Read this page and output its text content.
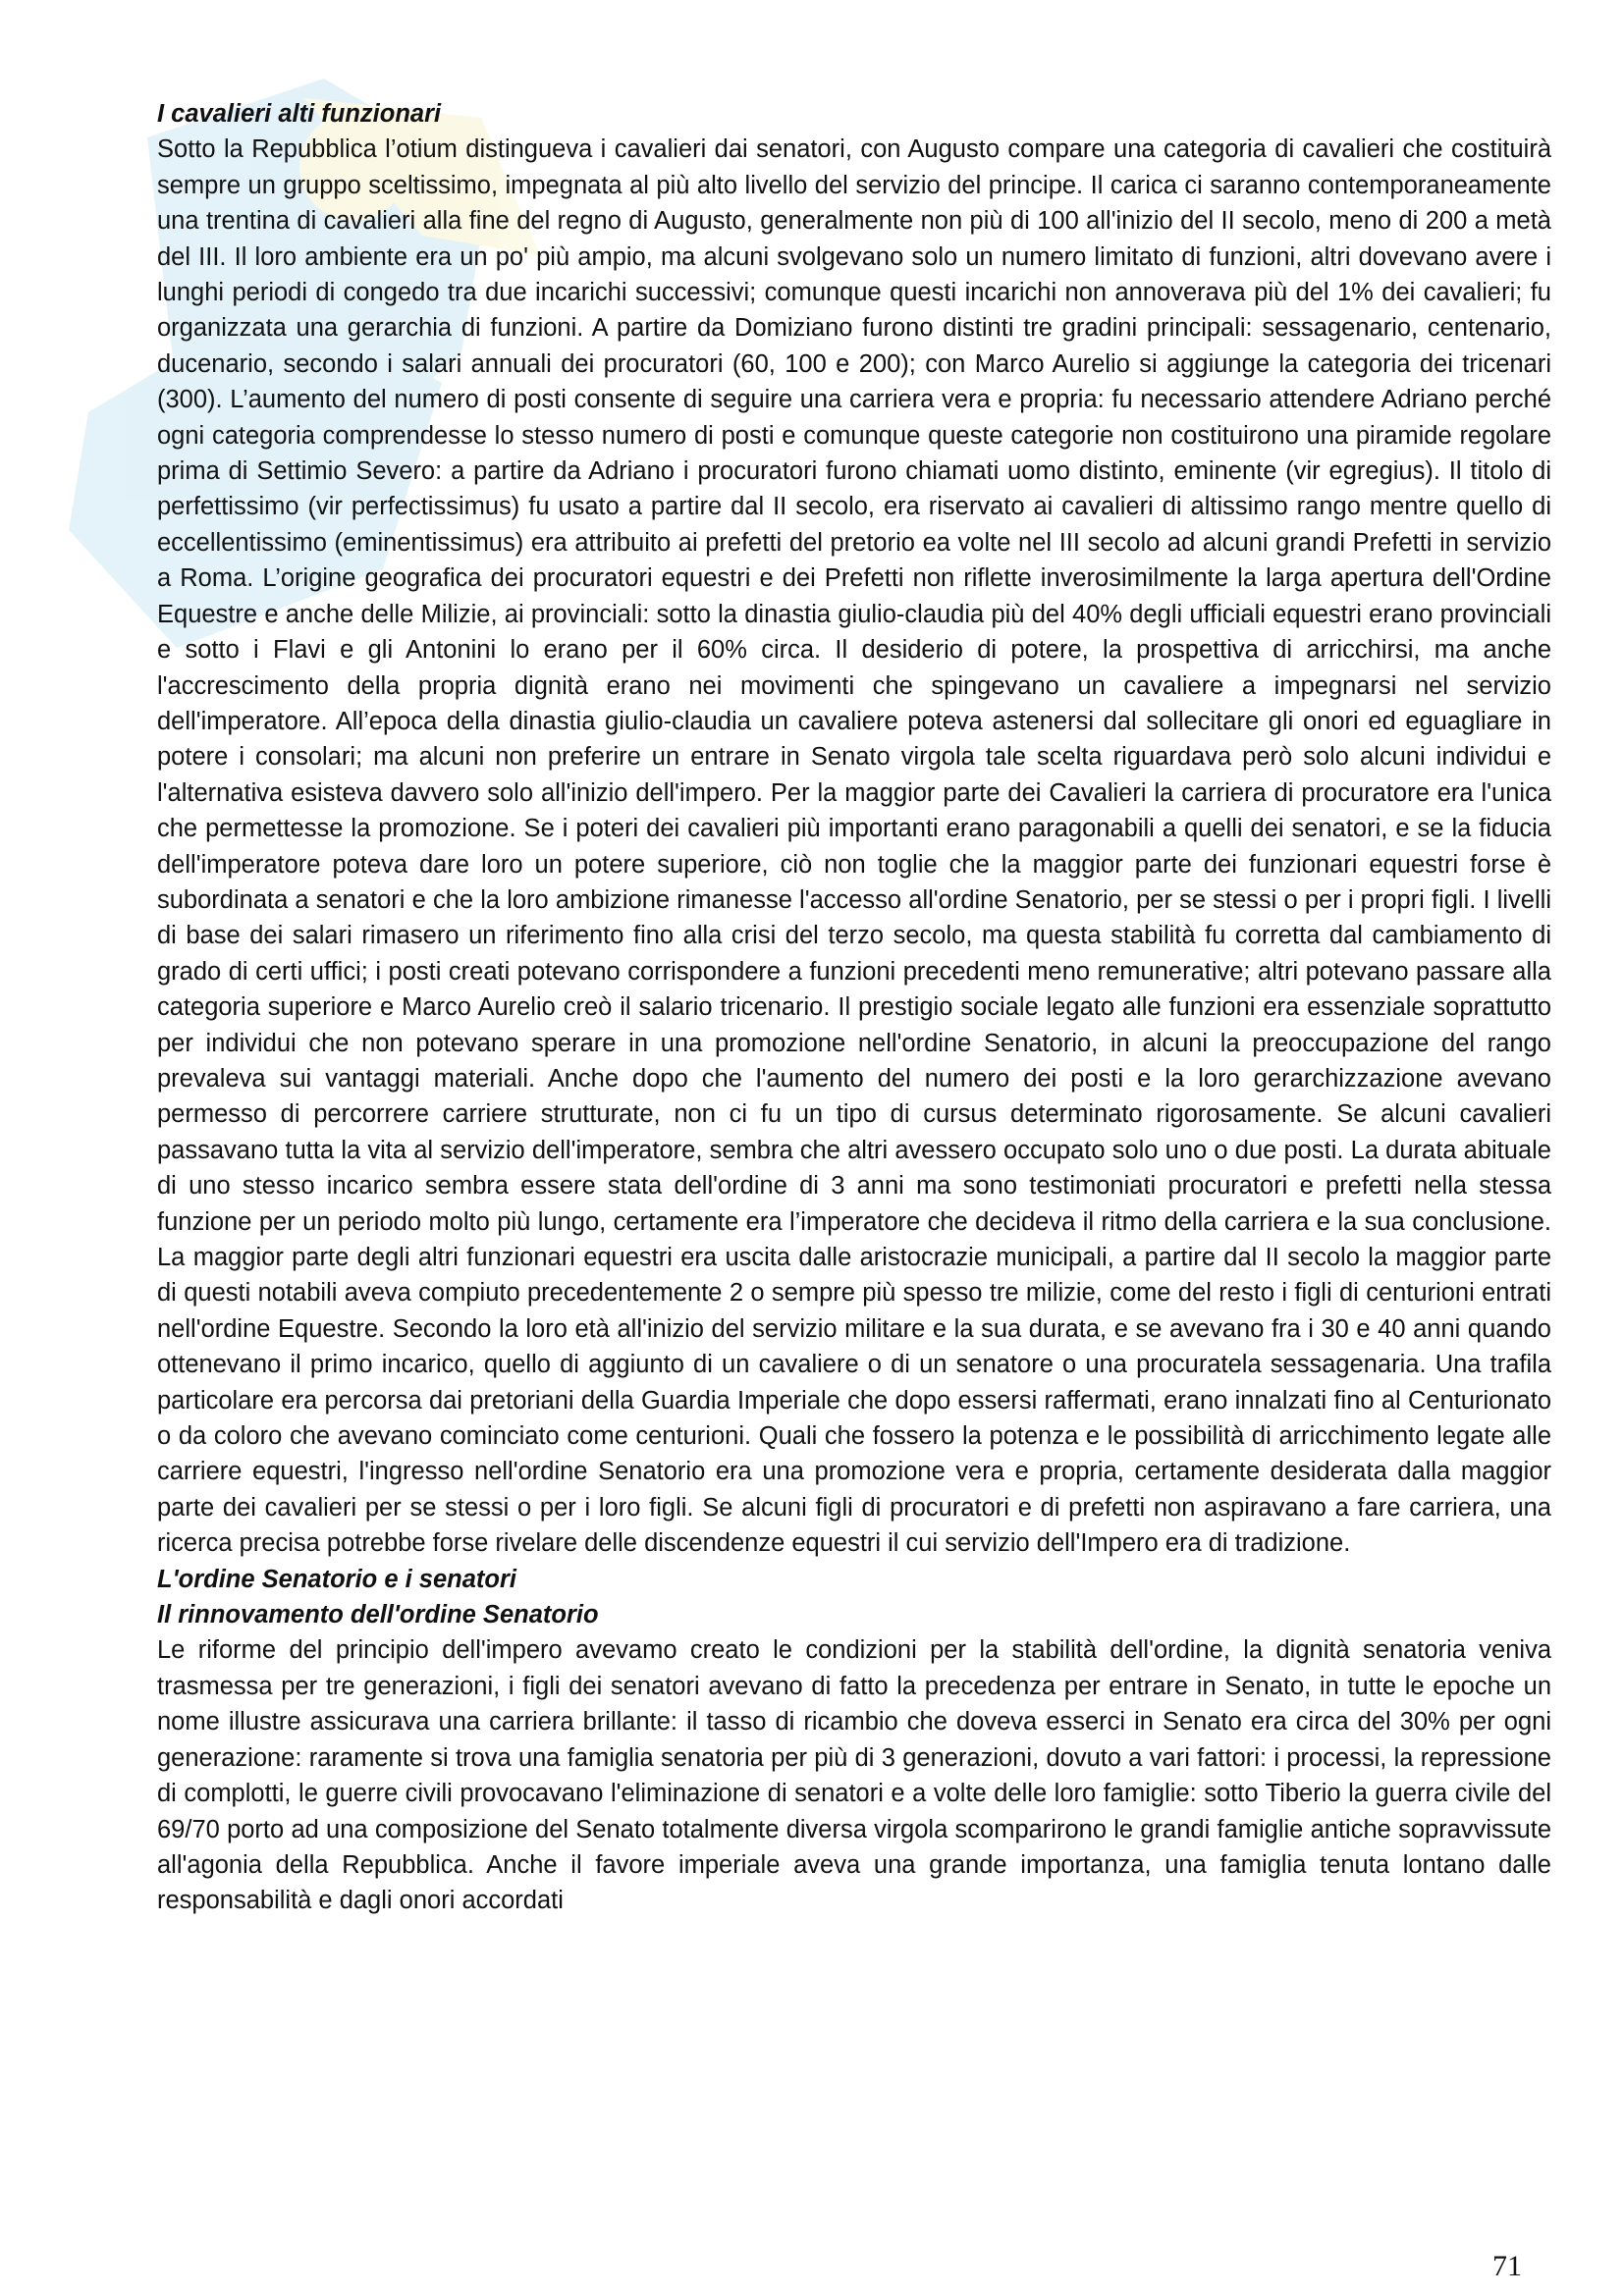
I cavalieri alti funzionari

Sotto la Repubblica l’otium distingueva i cavalieri dai senatori, con Augusto compare una categoria di cavalieri che costituirà sempre un gruppo sceltissimo, impegnata al più alto livello del servizio del principe. Il carica ci saranno contemporaneamente una trentina di cavalieri alla fine del regno di Augusto, generalmente non più di 100 all'inizio del II secolo, meno di 200 a metà del III. Il loro ambiente era un po' più ampio, ma alcuni svolgevano solo un numero limitato di funzioni, altri dovevano avere i lunghi periodi di congedo tra due incarichi successivi; comunque questi incarichi non annoverava più del 1% dei cavalieri; fu organizzata una gerarchia di funzioni. A partire da Domiziano furono distinti tre gradini principali: sessagenario, centenario, ducenario, secondo i salari annuali dei procuratori (60, 100 e 200); con Marco Aurelio si aggiunge la categoria dei tricenari (300). L’aumento del numero di posti consente di seguire una carriera vera e propria: fu necessario attendere Adriano perché ogni categoria comprendesse lo stesso numero di posti e comunque queste categorie non costituirono una piramide regolare prima di Settimio Severo: a partire da Adriano i procuratori furono chiamati uomo distinto, eminente (vir egregius). Il titolo di perfettissimo (vir perfectissimus) fu usato a partire dal II secolo, era riservato ai cavalieri di altissimo rango mentre quello di eccellentissimo (eminentissimus) era attribuito ai prefetti del pretorio ea volte nel III secolo ad alcuni grandi Prefetti in servizio a Roma. L’origine geografica dei procuratori equestri e dei Prefetti non riflette inverosimilmente la larga apertura dell'Ordine Equestre e anche delle Milizie, ai provinciali: sotto la dinastia giulio-claudia più del 40% degli ufficiali equestri erano provinciali e sotto i Flavi e gli Antonini lo erano per il 60% circa. Il desiderio di potere, la prospettiva di arricchirsi, ma anche l'accrescimento della propria dignità erano nei movimenti che spingevano un cavaliere a impegnarsi nel servizio dell'imperatore. All’epoca della dinastia giulio-claudia un cavaliere poteva astenersi dal sollecitare gli onori ed eguagliare in potere i consolari; ma alcuni non preferire un entrare in Senato virgola tale scelta riguardava però solo alcuni individui e l'alternativa esisteva davvero solo all'inizio dell'impero. Per la maggior parte dei Cavalieri la carriera di procuratore era l'unica che permettesse la promozione. Se i poteri dei cavalieri più importanti erano paragonabili a quelli dei senatori, e se la fiducia dell'imperatore poteva dare loro un potere superiore, ciò non toglie che la maggior parte dei funzionari equestri forse è subordinata a senatori e che la loro ambizione rimanesse l'accesso all'ordine Senatorio, per se stessi o per i propri figli. I livelli di base dei salari rimasero un riferimento fino alla crisi del terzo secolo, ma questa stabilità fu corretta dal cambiamento di grado di certi uffici; i posti creati potevano corrispondere a funzioni precedenti meno remunerative; altri potevano passare alla categoria superiore e Marco Aurelio creò il salario tricenario. Il prestigio sociale legato alle funzioni era essenziale soprattutto per individui che non potevano sperare in una promozione nell'ordine Senatorio, in alcuni la preoccupazione del rango prevaleva sui vantaggi materiali. Anche dopo che l'aumento del numero dei posti e la loro gerarchizzazione avevano permesso di percorrere carriere strutturate, non ci fu un tipo di cursus determinato rigorosamente. Se alcuni cavalieri passavano tutta la vita al servizio dell'imperatore, sembra che altri avessero occupato solo uno o due posti. La durata abituale di uno stesso incarico sembra essere stata dell'ordine di 3 anni ma sono testimoniati procuratori e prefetti nella stessa funzione per un periodo molto più lungo, certamente era l’imperatore che decideva il ritmo della carriera e la sua conclusione. La maggior parte degli altri funzionari equestri era uscita dalle aristocrazie municipali, a partire dal II secolo la maggior parte di questi notabili aveva compiuto precedentemente 2 o sempre più spesso tre milizie, come del resto i figli di centurioni entrati nell'ordine Equestre. Secondo la loro età all'inizio del servizio militare e la sua durata, e se avevano fra i 30 e 40 anni quando ottenevano il primo incarico, quello di aggiunto di un cavaliere o di un senatore o una procuratela sessagenaria. Una trafila particolare era percorsa dai pretoriani della Guardia Imperiale che dopo essersi raffermati, erano innalzati fino al Centurionato o da coloro che avevano cominciato come centurioni. Quali che fossero la potenza e le possibilità di arricchimento legate alle carriere equestri, l'ingresso nell'ordine Senatorio era una promozione vera e propria, certamente desiderata dalla maggior parte dei cavalieri per se stessi o per i loro figli. Se alcuni figli di procuratori e di prefetti non aspiravano a fare carriera, una ricerca precisa potrebbe forse rivelare delle discendenze equestri il cui servizio dell'Impero era di tradizione.

L'ordine Senatorio e i senatori

Il rinnovamento dell'ordine Senatorio

Le riforme del principio dell'impero avevamo creato le condizioni per la stabilità dell'ordine, la dignità senatoria veniva trasmessa per tre generazioni, i figli dei senatori avevano di fatto la precedenza per entrare in Senato, in tutte le epoche un nome illustre assicurava una carriera brillante: il tasso di ricambio che doveva esserci in Senato era circa del 30% per ogni generazione: raramente si trova una famiglia senatoria per più di 3 generazioni, dovuto a vari fattori: i processi, la repressione di complotti, le guerre civili provocavano l'eliminazione di senatori e a volte delle loro famiglie: sotto Tiberio la guerra civile del 69/70 porto ad una composizione del Senato totalmente diversa virgola scomparirono le grandi famiglie antiche sopravvissute all'agonia della Repubblica. Anche il favore imperiale aveva una grande importanza, una famiglia tenuta lontano dalle responsabilità e dagli onori accordati

71
